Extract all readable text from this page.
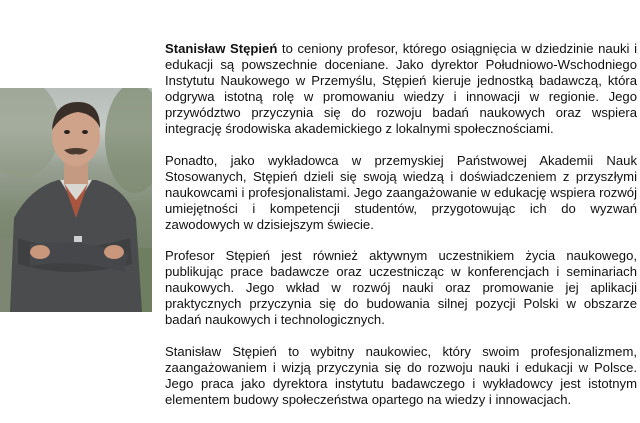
Stanisław Stępień to ceniony profesor, którego osiągnięcia w dziedzinie nauki i edukacji są powszechnie doceniane. Jako dyrektor Południowo-Wschodniego Instytutu Naukowego w Przemyślu, Stępień kieruje jednostką badawczą, która odgrywa istotną rolę w promowaniu wiedzy i innowacji w regionie. Jego przywództwo przyczynia się do rozwoju badań naukowych oraz wspiera integrację środowiska akademickiego z lokalnymi społecznościami.

Ponadto, jako wykładowca w przemyskiej Państwowej Akademii Nauk Stosowanych, Stępień dzieli się swoją wiedzą i doświadczeniem z przyszłymi naukowcami i profesjonalistami. Jego zaangażowanie w edukację wspiera rozwój umiejętności i kompetencji studentów, przygotowując ich do wyzwań zawodowych w dzisiejszym świecie.

Profesor Stępień jest również aktywnym uczestnikiem życia naukowego, publikując prace badawcze oraz uczestnicząc w konferencjach i seminariach naukowych. Jego wkład w rozwój nauki oraz promowanie jej aplikacji praktycznych przyczynia się do budowania silnej pozycji Polski w obszarze badań naukowych i technologicznych.

Stanisław Stępień to wybitny naukowiec, który swoim profesjonalizmem, zaangażowaniem i wizją przyczynia się do rozwoju nauki i edukacji w Polsce. Jego praca jako dyrektora instytutu badawczego i wykładowcy jest istotnym elementem budowy społeczeństwa opartego na wiedzy i innowacjach.
